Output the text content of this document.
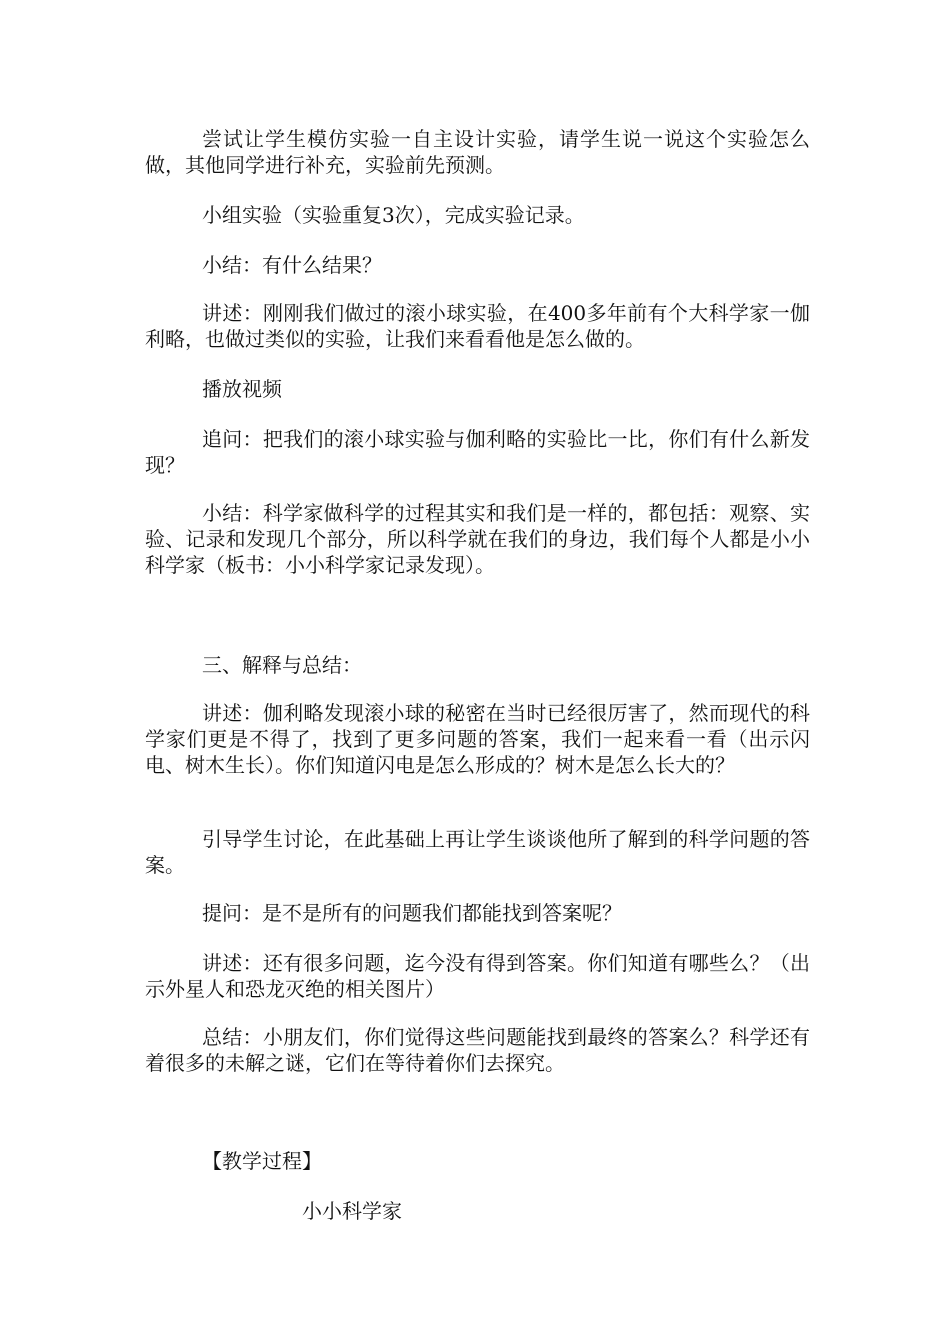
尝试让学生模仿实验一自主设计实验，请学生说一说这个实验怎么做，其他同学进行补充，实验前先预测。

小组实验（实验重复3次），完成实验记录。

小结：有什么结果？

讲述：刚刚我们做过的滚小球实验，在400多年前有个大科学家一伽利略，也做过类似的实验，让我们来看看他是怎么做的。

播放视频

追问：把我们的滚小球实验与伽利略的实验比一比，你们有什么新发现？

小结：科学家做科学的过程其实和我们是一样的，都包括：观察、实验、记录和发现几个部分，所以科学就在我们的身边，我们每个人都是小小科学家（板书：小小科学家记录发现）。

三、解释与总结：

讲述：伽利略发现滚小球的秘密在当时已经很厉害了，然而现代的科学家们更是不得了，找到了更多问题的答案，我们一起来看一看（出示闪电、树木生长）。你们知道闪电是怎么形成的？树木是怎么长大的？

引导学生讨论，在此基础上再让学生谈谈他所了解到的科学问题的答案。

提问：是不是所有的问题我们都能找到答案呢？

讲述：还有很多问题，迄今没有得到答案。你们知道有哪些么？（出示外星人和恐龙灭绝的相关图片）

总结：小朋友们，你们觉得这些问题能找到最终的答案么？科学还有着很多的未解之谜，它们在等待着你们去探究。

【教学过程】

小小科学家
